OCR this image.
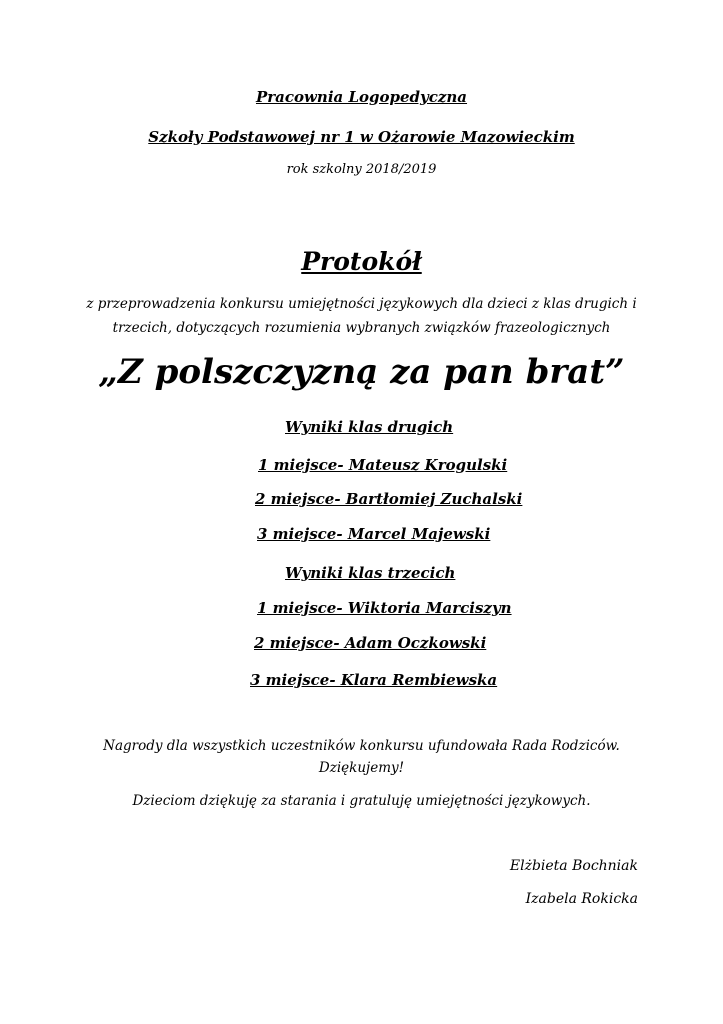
Pracownia Logopedyczna
Szkoły Podstawowej nr 1 w Ożarowie Mazowieckim
rok szkolny 2018/2019
Protokół
z przeprowadzenia konkursu umiejętności językowych dla dzieci z klas drugich i
trzecich, dotyczących rozumienia wybranych związków frazeologicznych
„Z polszczyzną za pan brat”
Wyniki klas drugich
1 miejsce- Mateusz Krogulski
2 miejsce- Bartłomiej Zuchalski
3 miejsce- Marcel Majewski
Wyniki klas trzecich
1 miejsce- Wiktoria Marciszyn
2 miejsce- Adam Oczkowski
3 miejsce- Klara Rembiewska
Nagrody dla wszystkich uczestników konkursu ufundowała Rada Rodziców.
Dziękujemy!
Dzieciom dziękuję za starania i gratuluję umiejętności językowych.
Elżbieta Bochniak
Izabela Rokicka
